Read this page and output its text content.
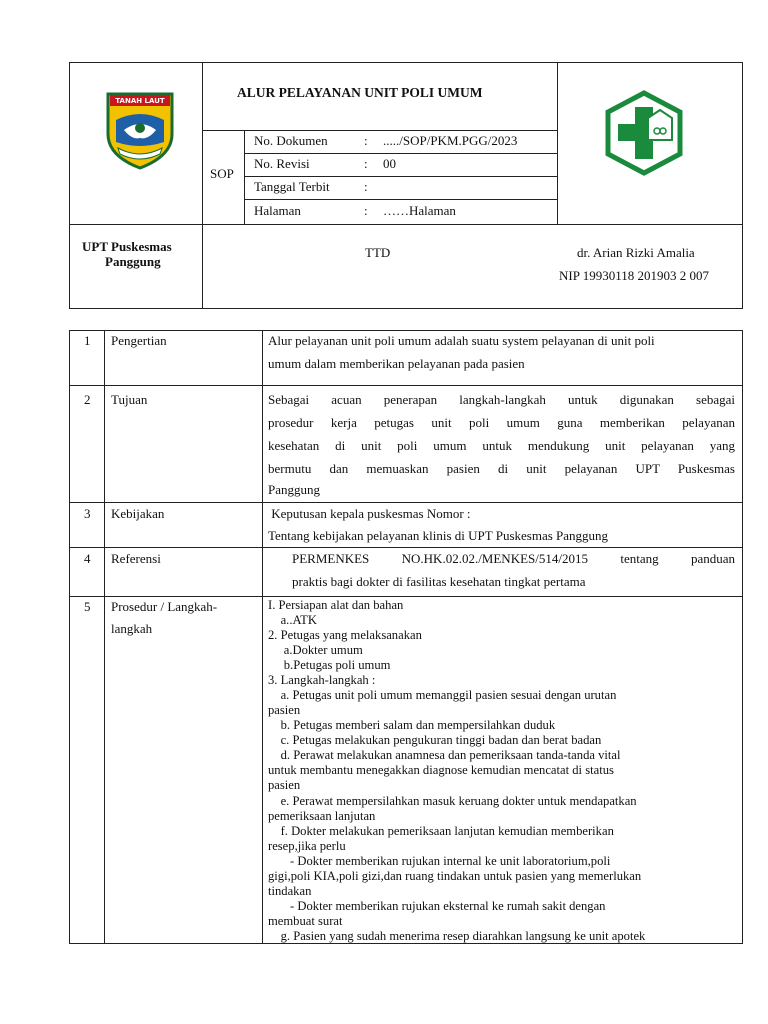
TANAH LAUT
ALUR PELAYANAN UNIT POLI UMUM
SOP
No. Dokumen	: ...../SOP/PKM.PGG/2023
No. Revisi	: 00
Tanggal Terbit	:
Halaman	: ……Halaman
UPT Puskesmas
Panggung
TTD	dr. Arian Rizki Amalia
NIP 19930118 201903 2 007
1 Pengertian	Alur pelayanan unit poli umum adalah suatu system pelayanan di unit poli
umum dalam memberikan pelayanan pada pasien
2 Tujuan	Sebagai acuan penerapan langkah-langkah untuk digunakan sebagai
prosedur kerja petugas unit poli umum guna memberikan pelayanan
kesehatan di unit poli umum untuk mendukung unit pelayanan yang
bermutu dan memuaskan pasien di unit pelayanan UPT Puskesmas
Panggung
3 Kebijakan	Keputusan kepala puskesmas Nomor :
Tentang kebijakan pelayanan klinis di UPT Puskesmas Panggung
4 Referensi	PERMENKES NO.HK.02.02./MENKES/514/2015 tentang panduan
praktis bagi dokter di fasilitas kesehatan tingkat pertama
5 Prosedur / Langkah-
langkah
I. Persiapan alat dan bahan
a..ATK
2. Petugas yang melaksanakan
a.Dokter umum
b.Petugas poli umum
3. Langkah-langkah :
a. Petugas unit poli umum memanggil pasien sesuai dengan urutan
pasien
b. Petugas memberi salam dan mempersilahkan duduk
c. Petugas melakukan pengukuran tinggi badan dan berat badan
d. Perawat melakukan anamnesa dan pemeriksaan tanda-tanda vital
untuk membantu menegakkan diagnose kemudian mencatat di status
pasien
e. Perawat mempersilahkan masuk keruang dokter untuk mendapatkan
pemeriksaan lanjutan
f. Dokter melakukan pemeriksaan lanjutan kemudian memberikan
resep,jika perlu
- Dokter memberikan rujukan internal ke unit laboratorium,poli
gigi,poli KIA,poli gizi,dan ruang tindakan untuk pasien yang memerlukan
tindakan
- Dokter memberikan rujukan eksternal ke rumah sakit dengan
membuat surat
g. Pasien yang sudah menerima resep diarahkan langsung ke unit apotek
